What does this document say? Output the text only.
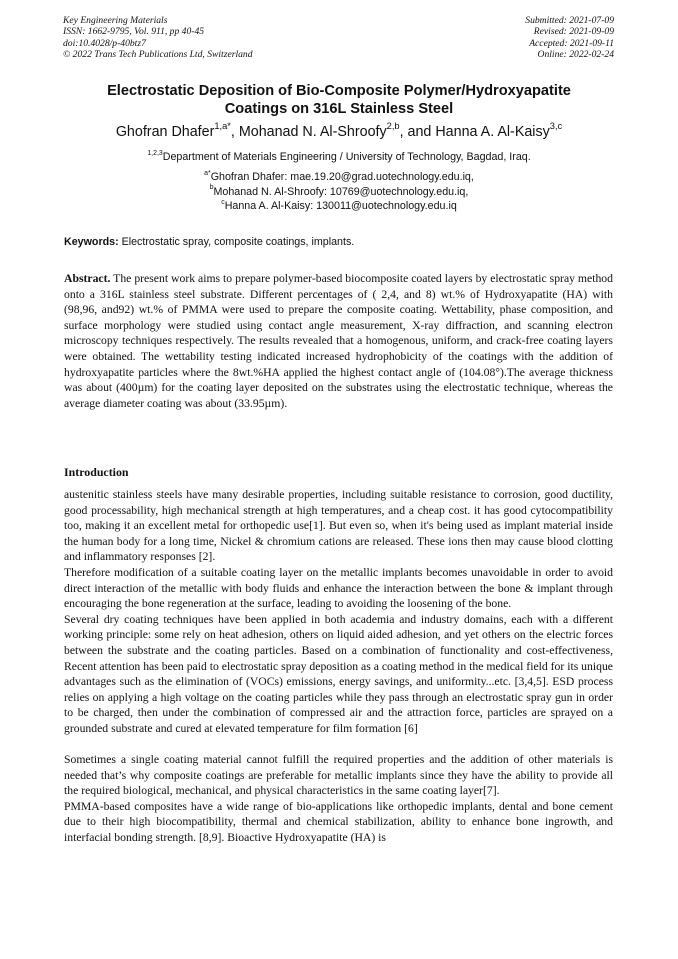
Key Engineering Materials
ISSN: 1662-9795, Vol. 911, pp 40-45
doi:10.4028/p-40btz7
© 2022 Trans Tech Publications Ltd, Switzerland
Submitted: 2021-07-09
Revised: 2021-09-09
Accepted: 2021-09-11
Online: 2022-02-24
Electrostatic Deposition of Bio-Composite Polymer/Hydroxyapatite
Coatings on 316L Stainless Steel
Ghofran Dhafer$^{1,a*}$, Mohanad N. Al-Shroofy$^{2,b}$, and Hanna A. Al-Kaisy$^{3,c}$
$^{1,2,3}$Department of Materials Engineering / University of Technology, Bagdad, Iraq.
$^{a*}$Ghofran Dhafer: mae.19.20@grad.uotechnology.edu.iq,
$^b$Mohanad N. Al-Shroofy: 10769@uotechnology.edu.iq,
$^c$Hanna A. Al-Kaisy: 130011@uotechnology.edu.iq
Keywords: Electrostatic spray, composite coatings, implants.
Abstract. The present work aims to prepare polymer-based biocomposite coated layers by electrostatic spray method onto a 316L stainless steel substrate. Different percentages of ( 2,4, and 8) wt.% of Hydroxyapatite (HA) with (98,96, and92) wt.% of PMMA were used to prepare the composite coating. Wettability, phase composition, and surface morphology were studied using contact angle measurement, X-ray diffraction, and scanning electron microscopy techniques respectively. The results revealed that a homogenous, uniform, and crack-free coating layers were obtained. The wettability testing indicated increased hydrophobicity of the coatings with the addition of hydroxyapatite particles where the 8wt.%HA applied the highest contact angle of (104.08°).The average thickness was about (400µm) for the coating layer deposited on the substrates using the electrostatic technique, whereas the average diameter coating was about (33.95µm).
Introduction

austenitic stainless steels have many desirable properties, including suitable resistance to corrosion, good ductility, good processability, high mechanical strength at high temperatures, and a cheap cost. it has good cytocompatibility too, making it an excellent metal for orthopedic use[1]. But even so, when it's being used as implant material inside the human body for a long time, Nickel & chromium cations are released. These ions then may cause blood clotting and inflammatory responses [2].

Therefore modification of a suitable coating layer on the metallic implants becomes unavoidable in order to avoid direct interaction of the metallic with body fluids and enhance the interaction between the bone & implant through encouraging the bone regeneration at the surface, leading to avoiding the loosening of the bone.

Several dry coating techniques have been applied in both academia and industry domains, each with a different working principle: some rely on heat adhesion, others on liquid aided adhesion, and yet others on the electric forces between the substrate and the coating particles. Based on a combination of functionality and cost-effectiveness, Recent attention has been paid to electrostatic spray deposition as a coating method in the medical field for its unique advantages such as the elimination of (VOCs) emissions, energy savings, and uniformity...etc. [3,4,5]. ESD process relies on applying a high voltage on the coating particles while they pass through an electrostatic spray gun in order to be charged, then under the combination of compressed air and the attraction force, particles are sprayed on a grounded substrate and cured at elevated temperature for film formation [6]

Sometimes a single coating material cannot fulfill the required properties and the addition of other materials is needed that’s why composite coatings are preferable for metallic implants since they have the ability to provide all the required biological, mechanical, and physical characteristics in the same coating layer[7].

PMMA-based composites have a wide range of bio-applications like orthopedic implants, dental and bone cement due to their high biocompatibility, thermal and chemical stabilization, ability to enhance bone ingrowth, and interfacial bonding strength. [8,9]. Bioactive Hydroxyapatite (HA) is
